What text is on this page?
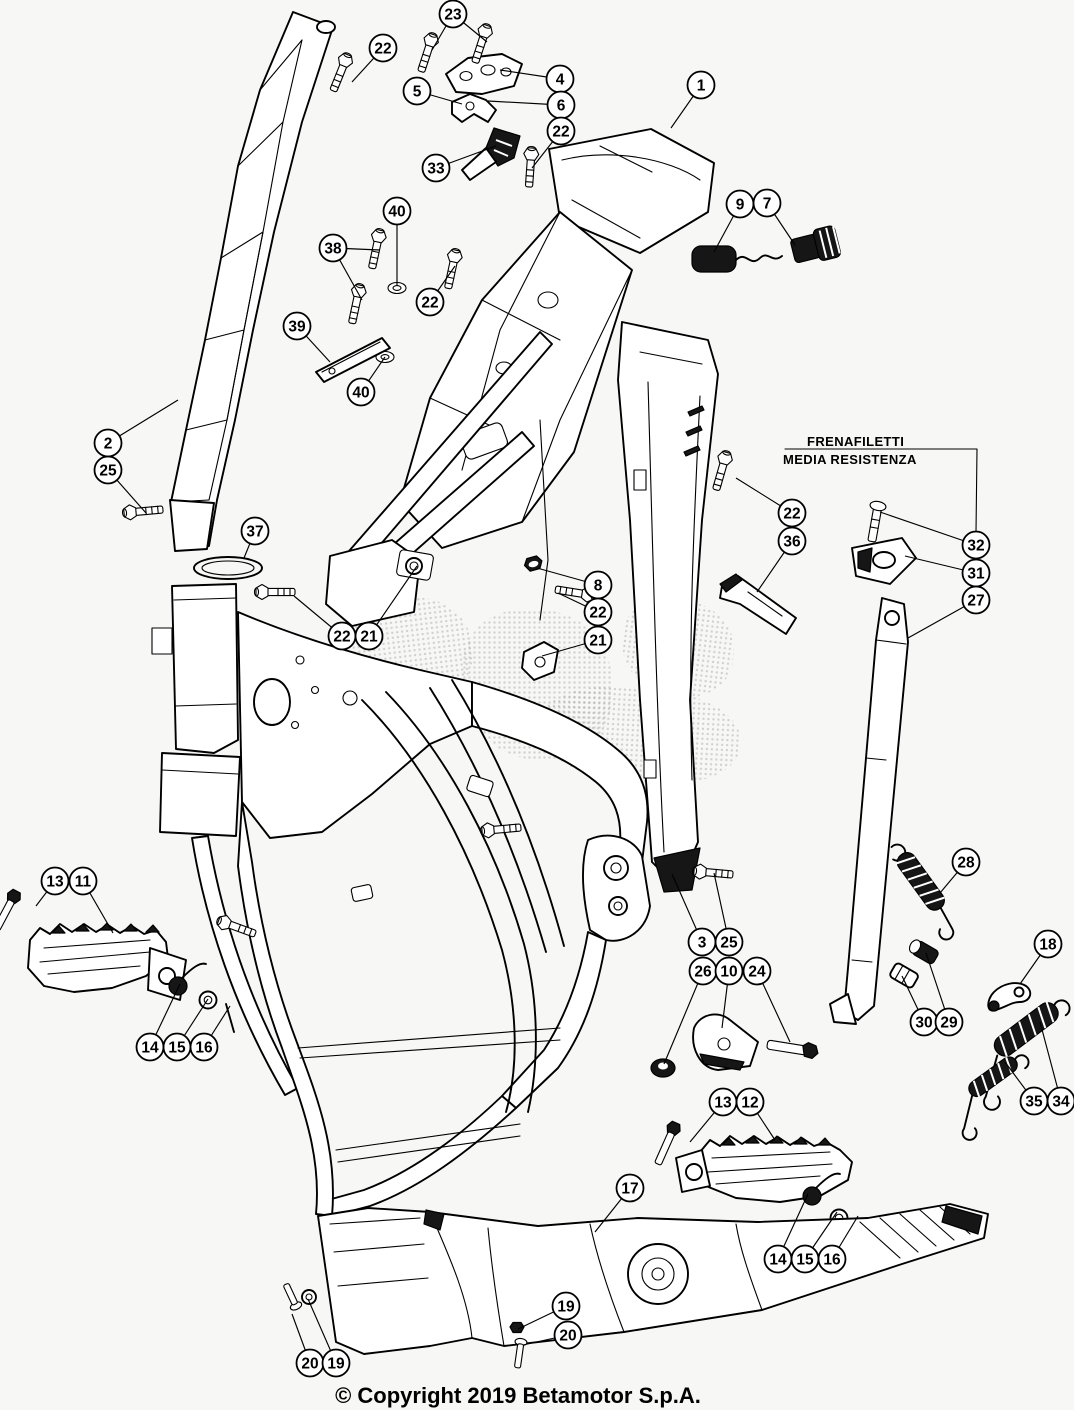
22
23
4
5
6
22
1
33
9 7
40
38
22
39
40
2
25
37
22 21
8
22
21
22
36	32
31
27
13 11
14 15 16
3 25
26 10 24
28
30 29
18
13 12	35 34
14 15 16
17
19
20
20 19
FRENAFILETTI
MEDIA RESISTENZA
© Copyright 2019 Betamotor S.p.A.
